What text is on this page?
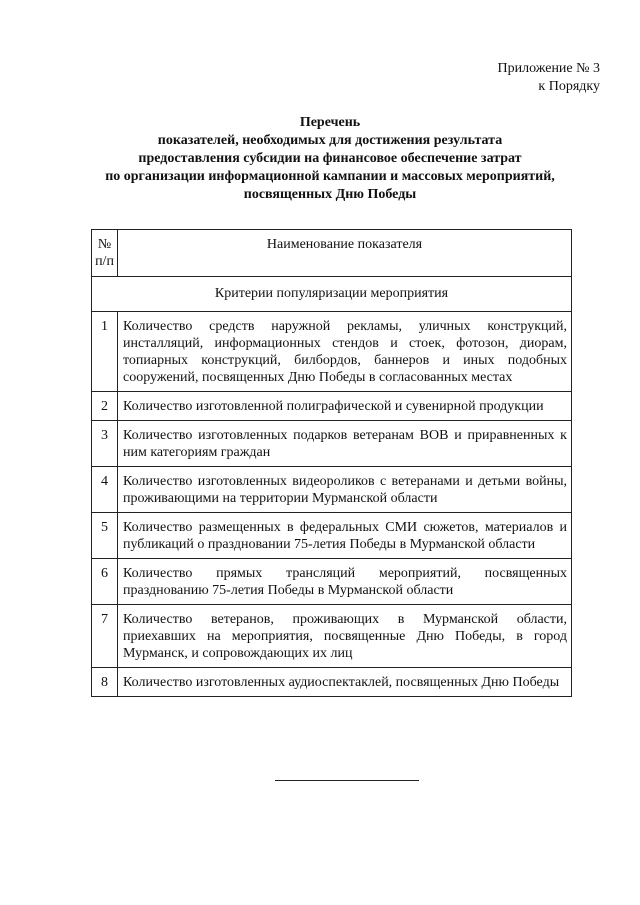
Приложение № 3
к Порядку
Перечень
показателей, необходимых для достижения результата
предоставления субсидии на финансовое обеспечение затрат
по организации информационной кампании и массовых мероприятий,
посвященных Дню Победы
№ п/п	Наименование показателя
Критерии популяризации мероприятия	
1	Количество средств наружной рекламы, уличных конструкций, инсталляций, информационных стендов и стоек, фотозон, диорам, топиарных конструкций, билбордов, баннеров и иных подобных сооружений, посвященных Дню Победы в согласованных местах
2	Количество изготовленной полиграфической и сувенирной продукции
3	Количество изготовленных подарков ветеранам ВОВ и приравненных к ним категориям граждан
4	Количество изготовленных видеороликов с ветеранами и детьми войны, проживающими на территории Мурманской области
5	Количество размещенных в федеральных СМИ сюжетов, материалов и публикаций о праздновании 75-летия Победы в Мурманской области
6	Количество прямых трансляций мероприятий, посвященных празднованию 75-летия Победы в Мурманской области
7	Количество ветеранов, проживающих в Мурманской области, приехавших на мероприятия, посвященные Дню Победы, в город Мурманск, и сопровождающих их лиц
8	Количество изготовленных аудиоспектаклей, посвященных Дню Победы
